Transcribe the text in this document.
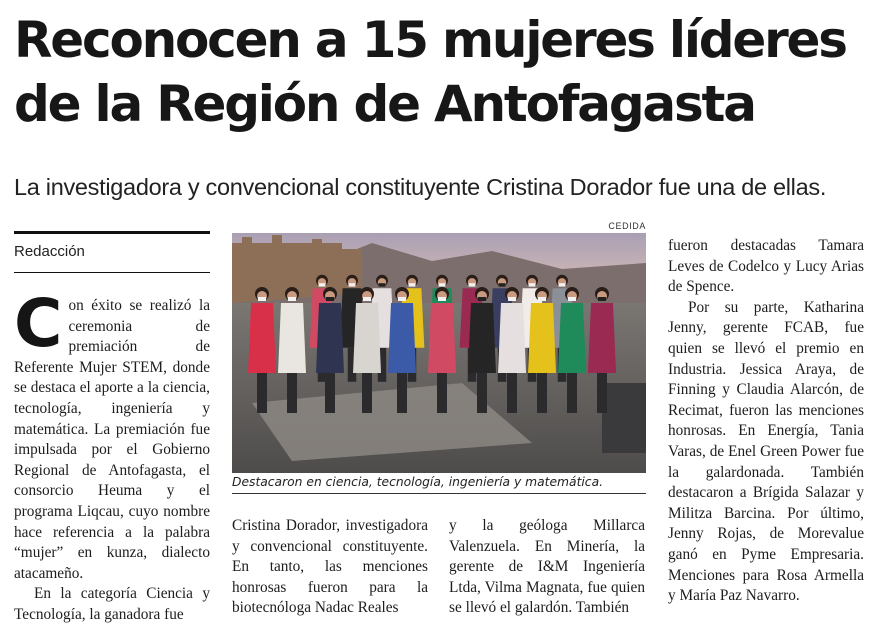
Reconocen a 15 mujeres líderes
de la Región de Antofagasta
La investigadora y convencional constituyente Cristina Dorador fue una de ellas.
Redacción
CEDIDA
Destacaron en ciencia, tecnología, ingeniería y matemática.

Con éxito se realizó la ceremonia de premiación de Referente Mujer STEM, donde se destaca el aporte a la ciencia, tecnología, ingeniería y matemática. La premiación fue impulsada por el Gobierno Regional de Antofagasta, el consorcio Heuma y el programa Liqcau, cuyo nombre hace referencia a la palabra “mujer” en kunza, dialecto atacameño.

En la categoría Ciencia y Tecnología, la ganadora fue

Cristina Dorador, investigadora y convencional constituyente. En tanto, las menciones honrosas fueron para la biotecnóloga Nadac Reales

y la geóloga Millarca Valenzuela. En Minería, la gerente de I&M Ingeniería Ltda, Vilma Magnata, fue quien se llevó el galardón. También

fueron destacadas Tamara Leves de Codelco y Lucy Arias de Spence.

Por su parte, Katharina Jenny, gerente FCAB, fue quien se llevó el premio en Industria. Jessica Araya, de Finning y Claudia Alarcón, de Recimat, fueron las menciones honrosas. En Energía, Tania Varas, de Enel Green Power fue la galardonada. También destacaron a Brígida Salazar y Militza Barcina. Por último, Jenny Rojas, de Morevalue ganó en Pyme Empresaria. Menciones para Rosa Armella y María Paz Navarro.
